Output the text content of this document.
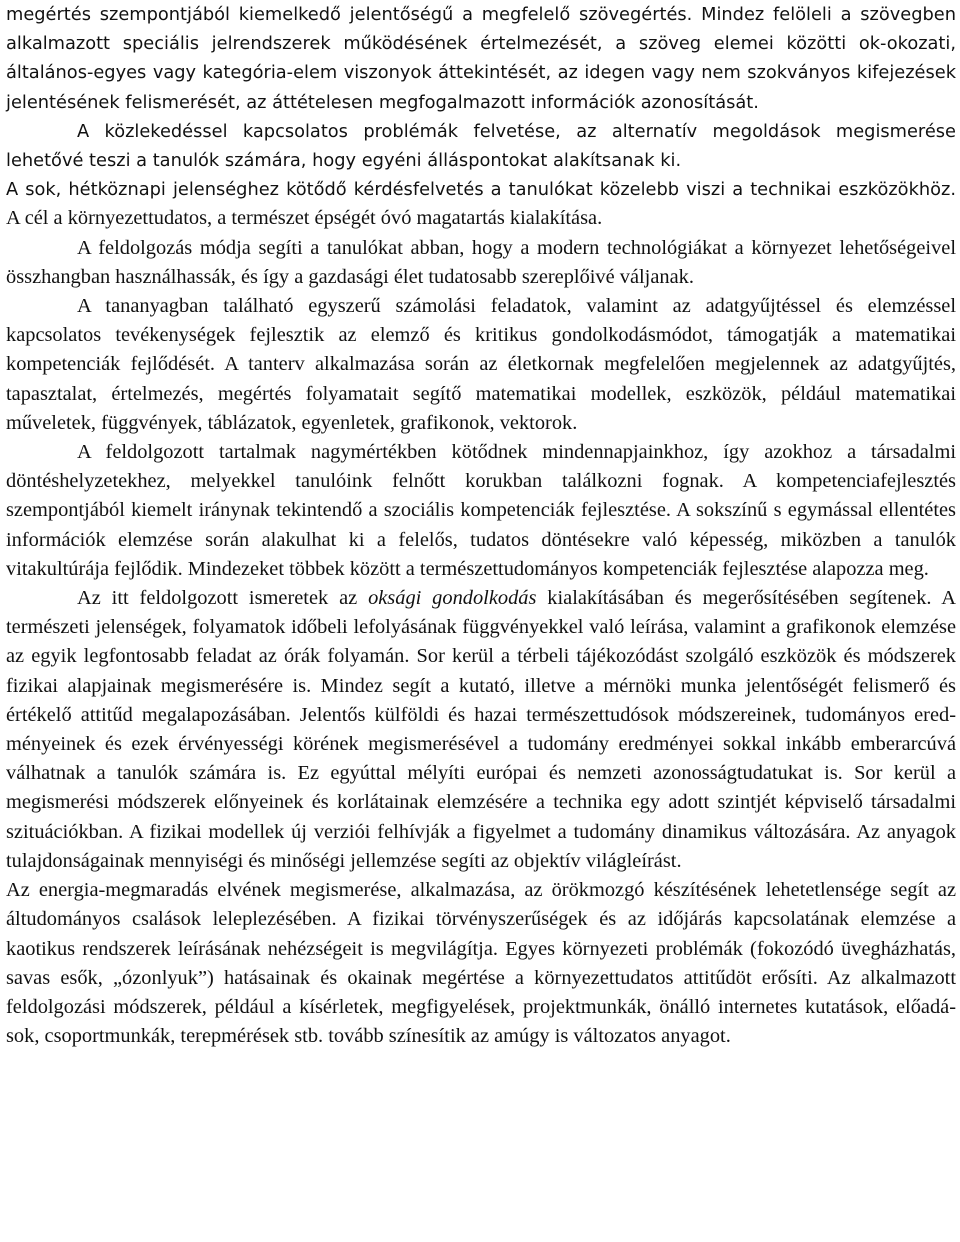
megértés szempontjából kiemelkedő jelentőségű a megfelelő szövegértés. Mindez felöleli a szövegben alkalmazott speciális jelrendszerek működésének értelmezését, a szöveg elemei közötti ok-okozati, általános-egyes vagy kategória-elem viszonyok áttekintését, az idegen vagy nem szokványos kifejezések jelentésének felismerését, az áttételesen megfogalmazott információk azonosítását.

A közlekedéssel kapcsolatos problémák felvetése, az alternatív megoldások megismerése lehetővé teszi a tanulók számára, hogy egyéni álláspontokat alakítsanak ki.

A sok, hétköznapi jelenséghez kötődő kérdésfelvetés a tanulókat közelebb viszi a technikai eszközökhöz. A cél a környezettudatos, a természet épségét óvó magatartás kialakítása.

A feldolgozás módja segíti a tanulókat abban, hogy a modern technológiákat a környezet lehetőségeivel összhangban használhassák, és így a gazdasági élet tudatosabb szereplőivé váljanak.

A tananyagban található egyszerű számolási feladatok, valamint az adatgyűjtéssel és elemzéssel kapcsolatos tevékenységek fejlesztik az elemző és kritikus gondolkodásmódot, támogatják a matematikai kompetenciák fejlődését. A tanterv alkalmazása során az életkornak megfelelően megjelennek az adatgyűjtés, tapasztalat, értelmezés, megértés folyamatait segítő matematikai modellek, eszközök, például matematikai műveletek, függvények, táblázatok, egyenletek, grafikonok, vektorok.

A feldolgozott tartalmak nagymértékben kötődnek mindennapjainkhoz, így azokhoz a társadalmi döntéshelyzetekhez, melyekkel tanulóink felnőtt korukban találkozni fognak. A kompetenciafejlesztés szempontjából kiemelt iránynak tekintendő a szociális kompetenciák fejlesztése. A sokszínű s egymással ellentétes információk elemzése során alakulhat ki a felelős, tudatos döntésekre való képesség, miközben a tanulók vitakultúrája fejlődik. Mindezeket többek között a természettudományos kompetenciák fejlesztése alapozza meg.

Az itt feldolgozott ismeretek az oksági gondolkodás kialakításában és megerősítésében segítenek. A természeti jelenségek, folyamatok időbeli lefolyásának függvényekkel való leírása, valamint a grafikonok elemzése az egyik legfontosabb feladat az órák folyamán. Sor kerül a térbeli tájékozódást szolgáló eszközök és módszerek fizikai alapjainak megismerésére is. Mindez segít a kutató, illetve a mérnöki munka jelentőségét felismerő és értékelő attitűd megalapozásában. Jelentős külföldi és hazai természettudósok módszereinek, tudományos eredményeinek és ezek érvényességi körének megismerésével a tudomány eredményei sokkal inkább emberarcúvá válhatnak a tanulók számára is. Ez egyúttal mélyíti európai és nemzeti azonosságtudatukat is. Sor kerül a megismerési módszerek előnyeinek és korlátainak elemzésére a technika egy adott szintjét képviselő társadalmi szituációkban. A fizikai modellek új verziói felhívják a figyelmet a tudomány dinamikus változására. Az anyagok tulajdonságainak mennyiségi és minőségi jellemzése segíti az objektív világleírást.

Az energia-megmaradás elvének megismerése, alkalmazása, az örökmozgó készítésének lehetetlensége segít az áltudományos csalások leleplezésében. A fizikai törvényszerűségek és az időjárás kapcsolatának elemzése a kaotikus rendszerek leírásának nehézségeit is megvilágítja. Egyes környezeti problémák (fokozódó üvegházhatás, savas esők, „ózonlyuk”) hatásainak és okainak megértése a környezettudatos attitűdöt erősíti. Az alkalmazott feldolgozási módszerek, például a kísérletek, megfigyelések, projektmunkák, önálló internetes kutatások, előadások, csoportmunkák, terepmérések stb. tovább színesítik az amúgy is változatos anyagot.
